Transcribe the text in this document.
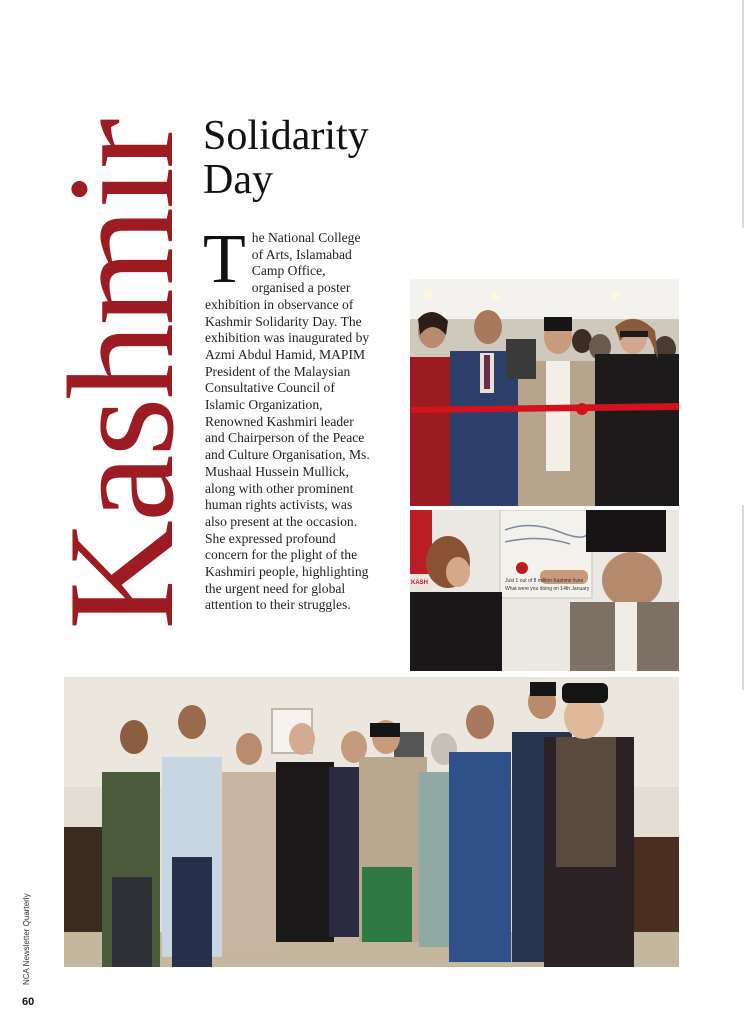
Kashmir
Solidarity
Day

The National College of Arts, Islamabad Camp Office, organised a poster exhibition in observance of Kashmir Solidarity Day. The exhibition was inaugurated by Azmi Abdul Hamid, MAPIM President of the Malaysian Consultative Council of Islamic Organization, Renowned Kashmiri leader and Chairperson of the Peace and Culture Organisation, Ms. Mushaal Hussein Mullick, along with other prominent human rights activists, was also present at the occasion. She expressed profound concern for the plight of the Kashmiri people, highlighting the urgent need for global attention to their struggles.

Just 1 out of 8 million Kashmir lives
What were you doing on 14th January
KASH
NCA Newsletter Quarterly
60
